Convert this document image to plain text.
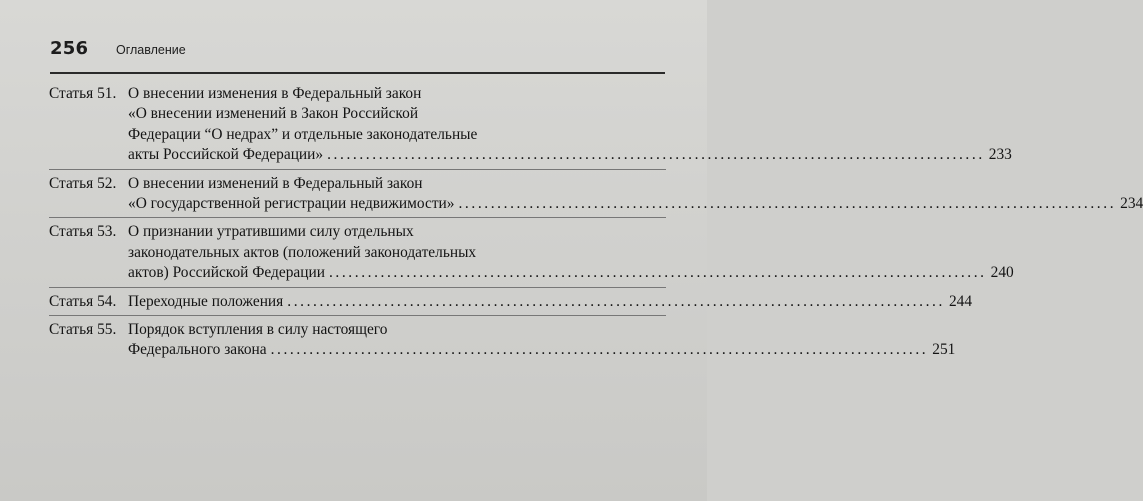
256 Оглавление
Статья 51. О внесении изменения в Федеральный закон
«О внесении изменений в Закон Российской
Федерации “О недрах” и отдельные законодательные
акты Российской Федерации» ...................................................................................................... 233
Статья 52. О внесении изменений в Федеральный закон
«О государственной регистрации недвижимости» ...................................................................................................... 234
Статья 53. О признании утратившими силу отдельных
законодательных актов (положений законодательных
актов) Российской Федерации ...................................................................................................... 240
Статья 54. Переходные положения ...................................................................................................... 244
Статья 55. Порядок вступления в силу настоящего
Федерального закона ...................................................................................................... 251
